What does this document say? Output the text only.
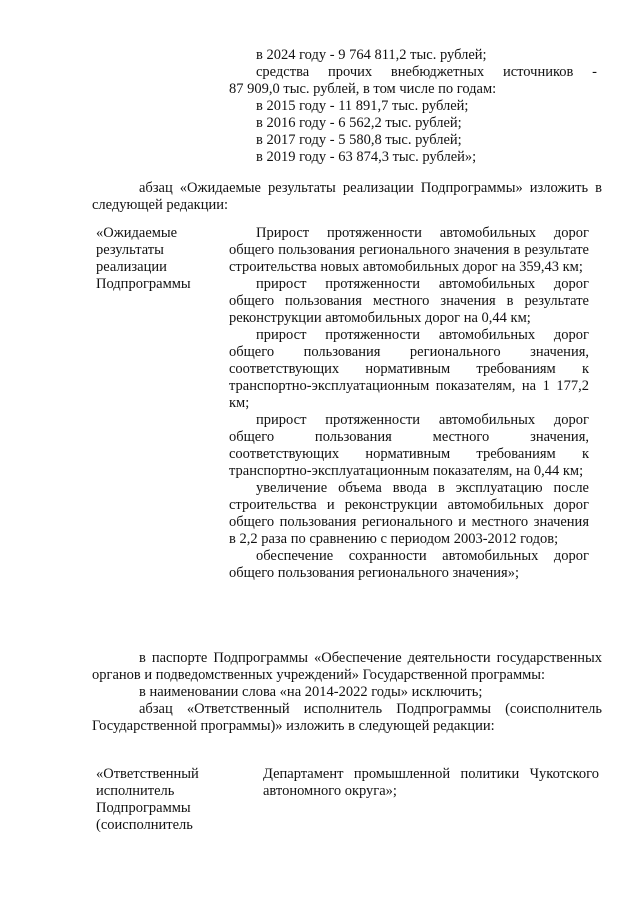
в 2024 году - 9 764 811,2 тыс. рублей;

средства прочих внебюджетных источников -

87 909,0 тыс. рублей, в том числе по годам:

в 2015 году - 11 891,7 тыс. рублей;

в 2016 году - 6 562,2 тыс. рублей;

в 2017 году - 5 580,8 тыс. рублей;

в 2019 году - 63 874,3 тыс. рублей»;

абзац «Ожидаемые результаты реализации Подпрограммы» изложить в следующей редакции:

«Ожидаемые
результаты
реализации
Подпрограммы

Прирост протяженности автомобильных дорог общего пользования регионального значения в результате строительства новых автомобильных дорог на 359,43 км;

прирост протяженности автомобильных дорог общего пользования местного значения в результате реконструкции автомобильных дорог на 0,44 км;

прирост протяженности автомобильных дорог общего пользования регионального значения, соответствующих нормативным требованиям к транспортно-эксплуатационным показателям, на 1 177,2 км;

прирост протяженности автомобильных дорог общего пользования местного значения, соответствующих нормативным требованиям к транспортно-эксплуатационным показателям, на 0,44 км;

увеличение объема ввода в эксплуатацию после строительства и реконструкции автомобильных дорог общего пользования регионального и местного значения в 2,2 раза по сравнению с периодом 2003-2012 годов;

обеспечение сохранности автомобильных дорог общего пользования регионального значения»;

в паспорте Подпрограммы «Обеспечение деятельности государственных органов и подведомственных учреждений» Государственной программы:

в наименовании слова «на 2014-2022 годы» исключить;

абзац «Ответственный исполнитель Подпрограммы (соисполнитель Государственной программы)» изложить в следующей редакции:

«Ответственный
исполнитель
Подпрограммы
(соисполнитель

Департамент промышленной политики Чукотского автономного округа»;
